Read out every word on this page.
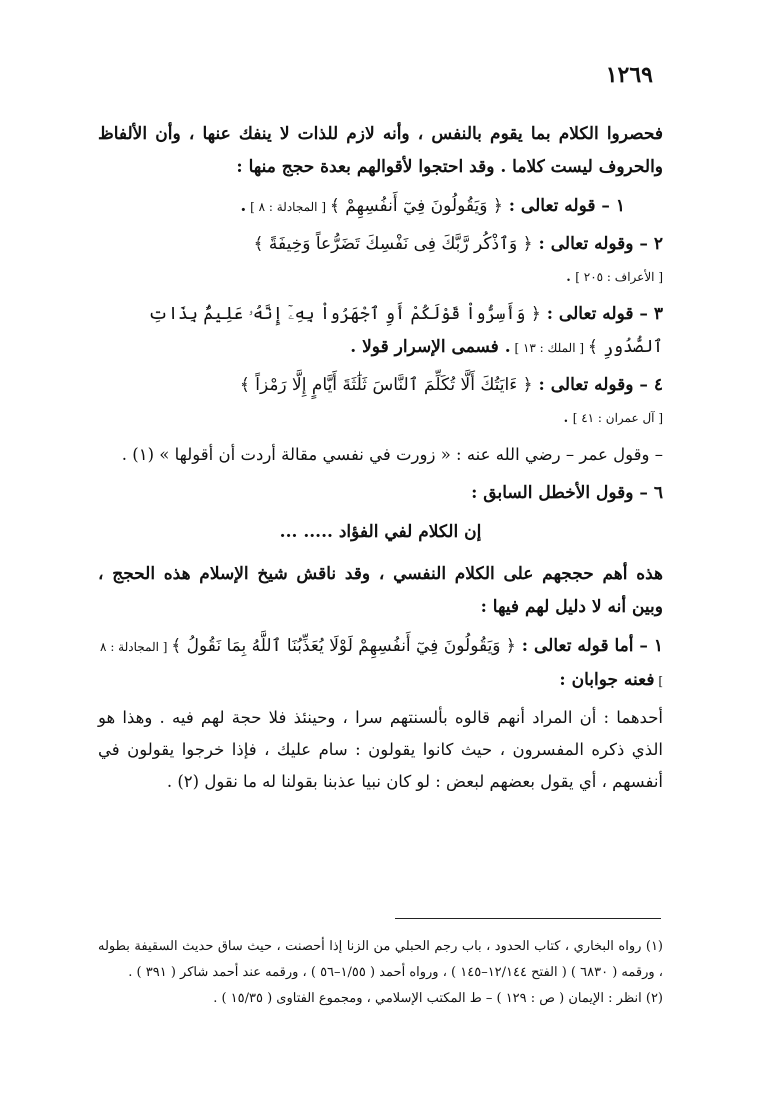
١٢٦٩

فحصروا الكلام بما يقوم بالنفس ، وأنه لازم للذات لا ينفك عنها ، وأن الألفاظ والحروف ليست كلاما . وقد احتجوا لأقوالهم بعدة حجج منها :

١ – قوله تعالى : ﴿ وَيَقُولُونَ فِيٓ أَنفُسِهِمْ ﴾ [ المجادلة : ٨ ] .

٢ – وقوله تعالى : ﴿ وَٱذْكُر رَّبَّكَ فِى نَفْسِكَ تَضَرُّعاً وَخِيفَةً ﴾

[ الأعراف : ٢٠٥ ] .

٣ – قوله تعالى : ﴿ وَأَسِرُّواْ قَوْلَكُمْ أَوِ ٱجْهَرُواْ بِهِۦٓ إِنَّهُۥ عَلِيمٌۢ بِذَاتِ ٱلصُّدُورِ ﴾ [ الملك : ١٣ ] . فسمى الإسرار قولا .

٤ – وقوله تعالى : ﴿ ءَايَتُكَ أَلَّا تُكَلِّمَ ٱلنَّاسَ ثَلَٰثَةَ أَيَّامٍ إِلَّا رَمْزاً ﴾

[ آل عمران : ٤١ ] .

– وقول عمر – رضي الله عنه : « زورت في نفسي مقالة أردت أن أقولها » (١) .

٦ – وقول الأخطل السابق :

إن الكلام لفي الفؤاد ..... ...

هذه أهم حججهم على الكلام النفسي ، وقد ناقش شيخ الإسلام هذه الحجج ، وبين أنه لا دليل لهم فيها :

١ – أما قوله تعالى : ﴿ وَيَقُولُونَ فِيٓ أَنفُسِهِمْ لَوْلَا يُعَذِّبُنَا ٱللَّهُ بِمَا نَقُولُ ﴾ [ المجادلة : ٨ ] فعنه جوابان :

أحدهما : أن المراد أنهم قالوه بألسنتهم سرا ، وحينئذ فلا حجة لهم فيه . وهذا هو الذي ذكره المفسرون ، حيث كانوا يقولون : سام عليك ، فإذا خرجوا يقولون في أنفسهم ، أي يقول بعضهم لبعض : لو كان نبيا عذبنا بقولنا له ما نقول (٢) .

(١) رواه البخاري ، كتاب الحدود ، باب رجم الحبلي من الزنا إذا أحصنت ، حيث ساق حديث السقيفة بطوله ، ورقمه ( ٦٨٣٠ ) ( الفتح ١٢/١٤٤–١٤٥ ) ، ورواه أحمد ( ١/٥٥–٥٦ ) ، ورقمه عند أحمد شاكر ( ٣٩١ ) .

(٢) انظر : الإيمان ( ص : ١٢٩ ) – ط المكتب الإسلامي ، ومجموع الفتاوى ( ١٥/٣٥ ) .
